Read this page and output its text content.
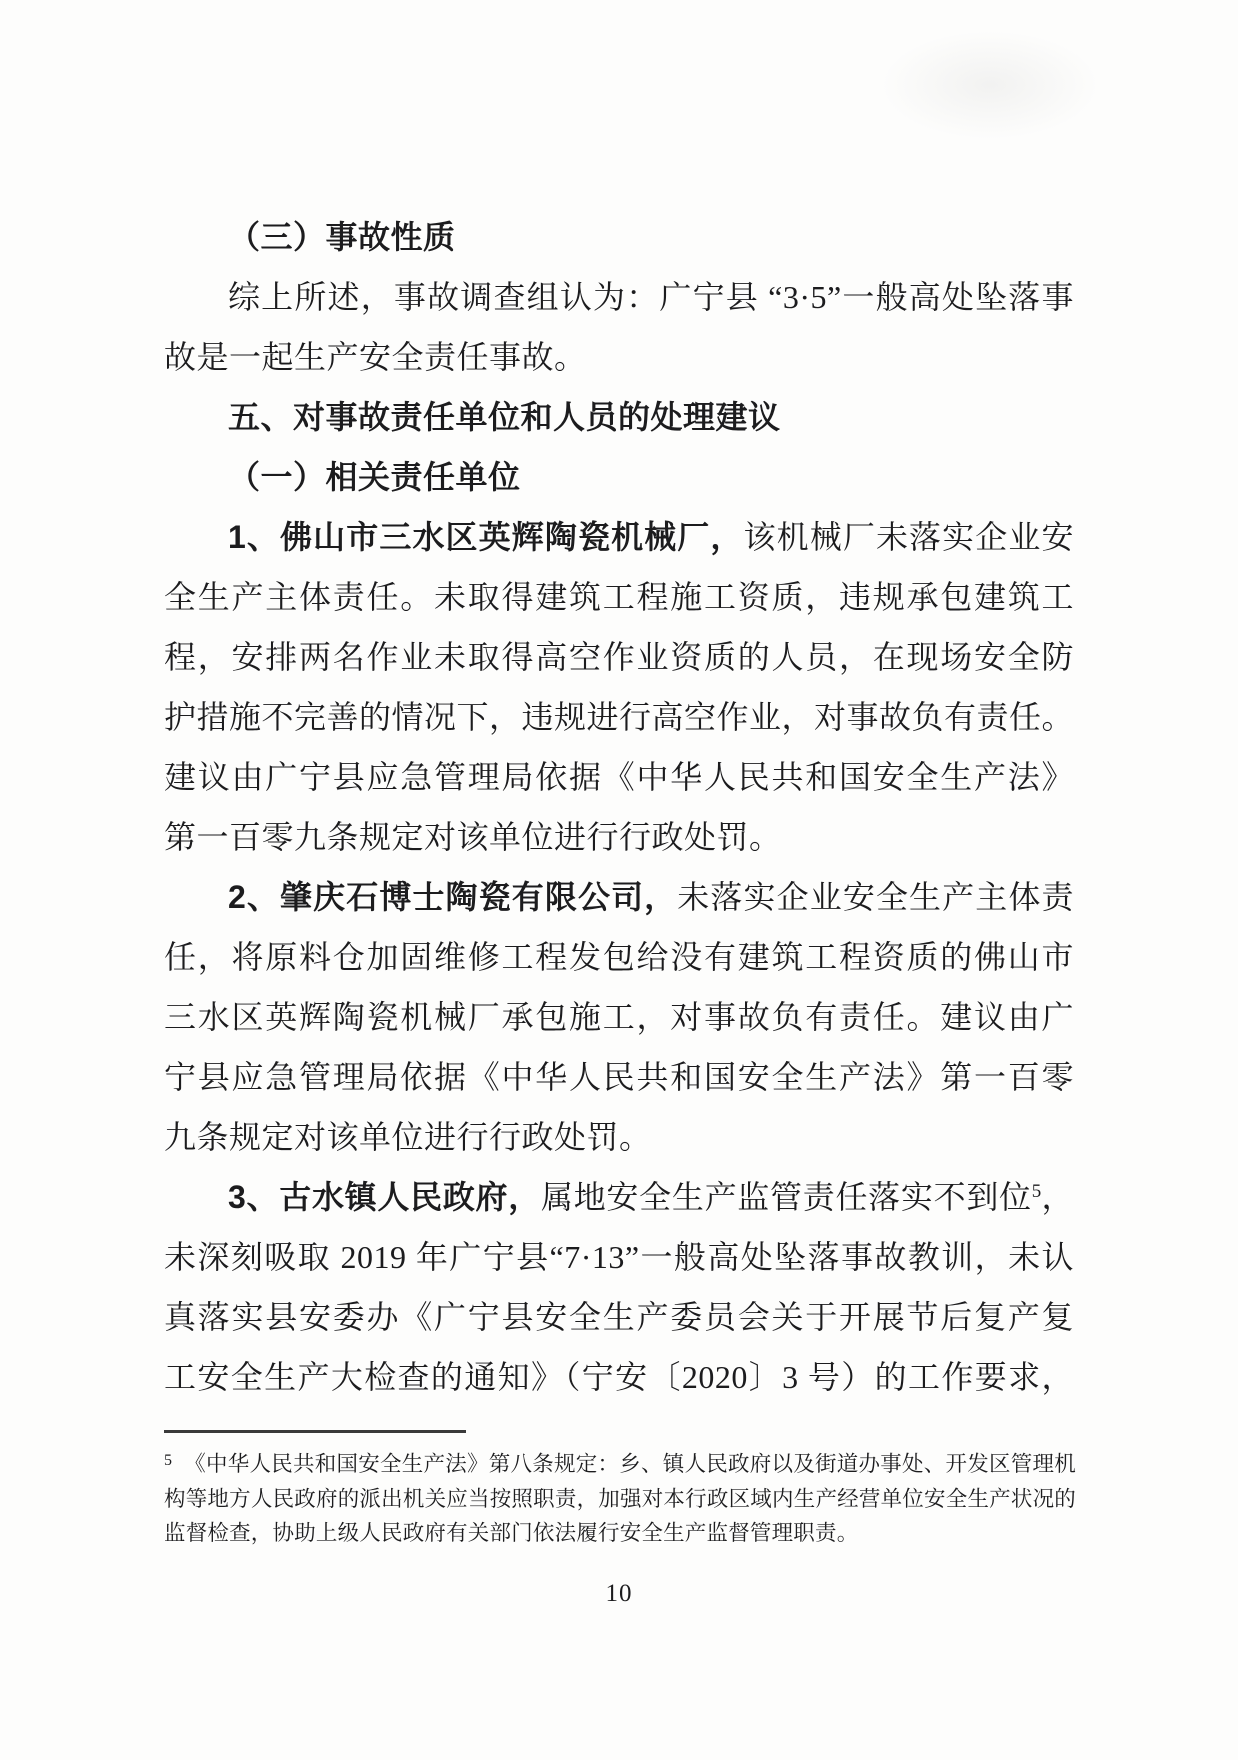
（三）事故性质
综上所述，事故调查组认为：广宁县 “3·5”一般高处坠落事
故是一起生产安全责任事故。
五、对事故责任单位和人员的处理建议
（一）相关责任单位
1、佛山市三水区英辉陶瓷机械厂，该机械厂未落实企业安
全生产主体责任。未取得建筑工程施工资质，违规承包建筑工
程，安排两名作业未取得高空作业资质的人员，在现场安全防
护措施不完善的情况下，违规进行高空作业，对事故负有责任。
建议由广宁县应急管理局依据《中华人民共和国安全生产法》
第一百零九条规定对该单位进行行政处罚。
2、肇庆石博士陶瓷有限公司，未落实企业安全生产主体责
任，将原料仓加固维修工程发包给没有建筑工程资质的佛山市
三水区英辉陶瓷机械厂承包施工，对事故负有责任。建议由广
宁县应急管理局依据《中华人民共和国安全生产法》第一百零
九条规定对该单位进行行政处罚。
3、古水镇人民政府，属地安全生产监管责任落实不到位$^5$，
未深刻吸取 2019 年广宁县“7·13”一般高处坠落事故教训，未认
真落实县安委办《广宁县安全生产委员会关于开展节后复产复
工安全生产大检查的通知》（宁安〔2020〕3 号）的工作要求，
$^5$ 《中华人民共和国安全生产法》第八条规定：乡、镇人民政府以及街道办事处、开发区管理机
构等地方人民政府的派出机关应当按照职责，加强对本行政区域内生产经营单位安全生产状况的
监督检查，协助上级人民政府有关部门依法履行安全生产监督管理职责。
10
